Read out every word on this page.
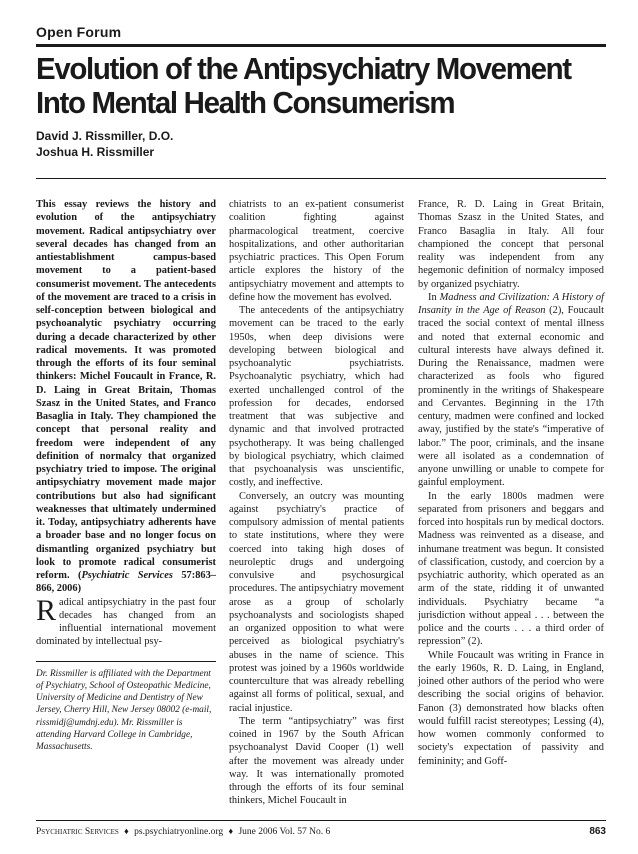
Open Forum
Evolution of the Antipsychiatry Movement
Into Mental Health Consumerism
David J. Rissmiller, D.O.
Joshua H. Rissmiller

This essay reviews the history and evolution of the antipsychiatry movement. Radical antipsychiatry over several decades has changed from an antiestablishment campus-based movement to a patient-based consumerist movement. The antecedents of the movement are traced to a crisis in self-conception between biological and psychoanalytic psychiatry occurring during a decade characterized by other radical movements. It was promoted through the efforts of its four seminal thinkers: Michel Foucault in France, R. D. Laing in Great Britain, Thomas Szasz in the United States, and Franco Basaglia in Italy. They championed the concept that personal reality and freedom were independent of any definition of normalcy that organized psychiatry tried to impose. The original antipsychiatry movement made major contributions but also had significant weaknesses that ultimately undermined it. Today, antipsychiatry adherents have a broader base and no longer focus on dismantling organized psychiatry but look to promote radical consumerist reform. (Psychiatric Services 57:863–866, 2006)

Radical antipsychiatry in the past four decades has changed from an influential international movement dominated by intellectual psy-

Dr. Rissmiller is affiliated with the Department of Psychiatry, School of Osteopathic Medicine, University of Medicine and Dentistry of New Jersey, Cherry Hill, New Jersey 08002 (e-mail, rissmidj@umdnj.edu). Mr. Rissmiller is attending Harvard College in Cambridge, Massachusetts.

chiatrists to an ex-patient consumerist coalition fighting against pharmacological treatment, coercive hospitalizations, and other authoritarian psychiatric practices. This Open Forum article explores the history of the antipsychiatry movement and attempts to define how the movement has evolved.

The antecedents of the antipsychiatry movement can be traced to the early 1950s, when deep divisions were developing between biological and psychoanalytic psychiatrists. Psychoanalytic psychiatry, which had exerted unchallenged control of the profession for decades, endorsed treatment that was subjective and dynamic and that involved protracted psychotherapy. It was being challenged by biological psychiatry, which claimed that psychoanalysis was unscientific, costly, and ineffective.

Conversely, an outcry was mounting against psychiatry's practice of compulsory admission of mental patients to state institutions, where they were coerced into taking high doses of neuroleptic drugs and undergoing convulsive and psychosurgical procedures. The antipsychiatry movement arose as a group of scholarly psychoanalysts and sociologists shaped an organized opposition to what were perceived as biological psychiatry's abuses in the name of science. This protest was joined by a 1960s worldwide counterculture that was already rebelling against all forms of political, sexual, and racial injustice.

The term “antipsychiatry” was first coined in 1967 by the South African psychoanalyst David Cooper (1) well after the movement was already under way. It was internationally promoted through the efforts of its four seminal thinkers, Michel Foucault in

France, R. D. Laing in Great Britain, Thomas Szasz in the United States, and Franco Basaglia in Italy. All four championed the concept that personal reality was independent from any hegemonic definition of normalcy imposed by organized psychiatry.

In Madness and Civilization: A History of Insanity in the Age of Reason (2), Foucault traced the social context of mental illness and noted that external economic and cultural interests have always defined it. During the Renaissance, madmen were characterized as fools who figured prominently in the writings of Shakespeare and Cervantes. Beginning in the 17th century, madmen were confined and locked away, justified by the state's “imperative of labor.” The poor, criminals, and the insane were all isolated as a condemnation of anyone unwilling or unable to compete for gainful employment.

In the early 1800s madmen were separated from prisoners and beggars and forced into hospitals run by medical doctors. Madness was reinvented as a disease, and inhumane treatment was begun. It consisted of classification, custody, and coercion by a psychiatric authority, which operated as an arm of the state, ridding it of unwanted individuals. Psychiatry became “a jurisdiction without appeal . . . between the police and the courts . . . a third order of repression” (2).

While Foucault was writing in France in the early 1960s, R. D. Laing, in England, joined other authors of the period who were describing the social origins of behavior. Fanon (3) demonstrated how blacks often would fulfill racist stereotypes; Lessing (4), how women commonly conformed to society's expectation of passivity and femininity; and Goff-

Psychiatric Services ♦ ps.psychiatryonline.org ♦ June 2006 Vol. 57 No. 6	863
